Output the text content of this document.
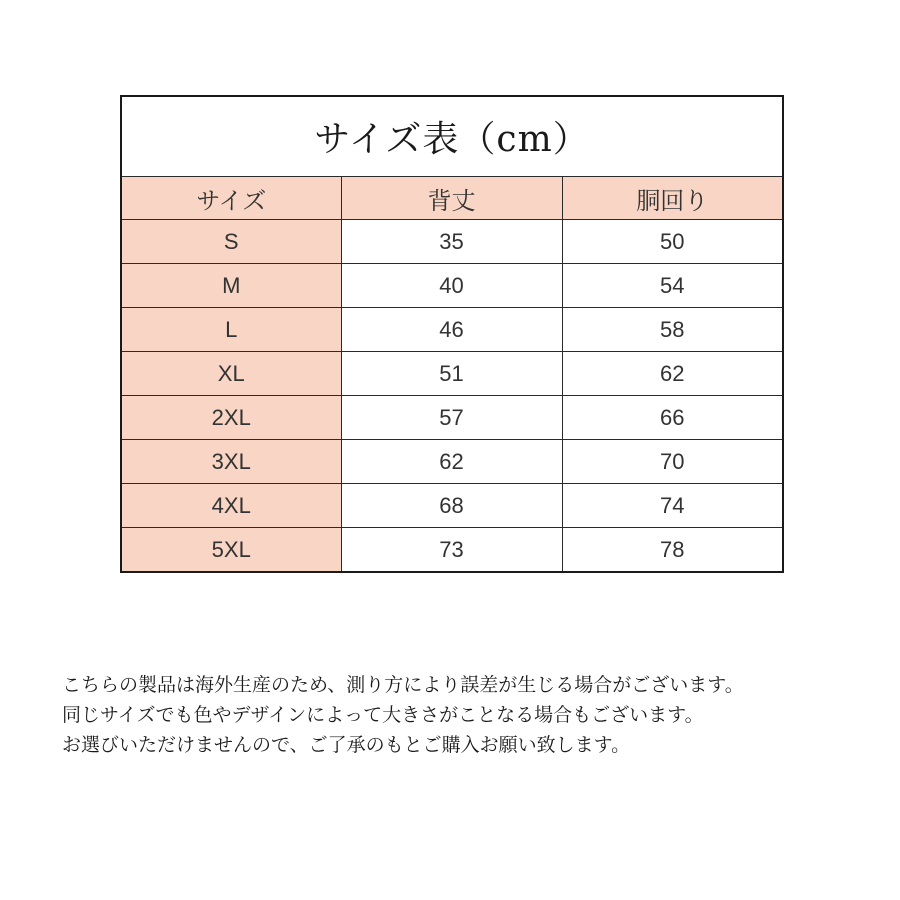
サイズ表（cm）		
サイズ	背丈	胴回り
S	35	50
M	40	54
L	46	58
XL	51	62
2XL	57	66
3XL	62	70
4XL	68	74
5XL	73	78
こちらの製品は海外生産のため、測り方により誤差が生じる場合がございます。
同じサイズでも色やデザインによって大きさがことなる場合もございます。
お選びいただけませんので、ご了承のもとご購入お願い致します。
